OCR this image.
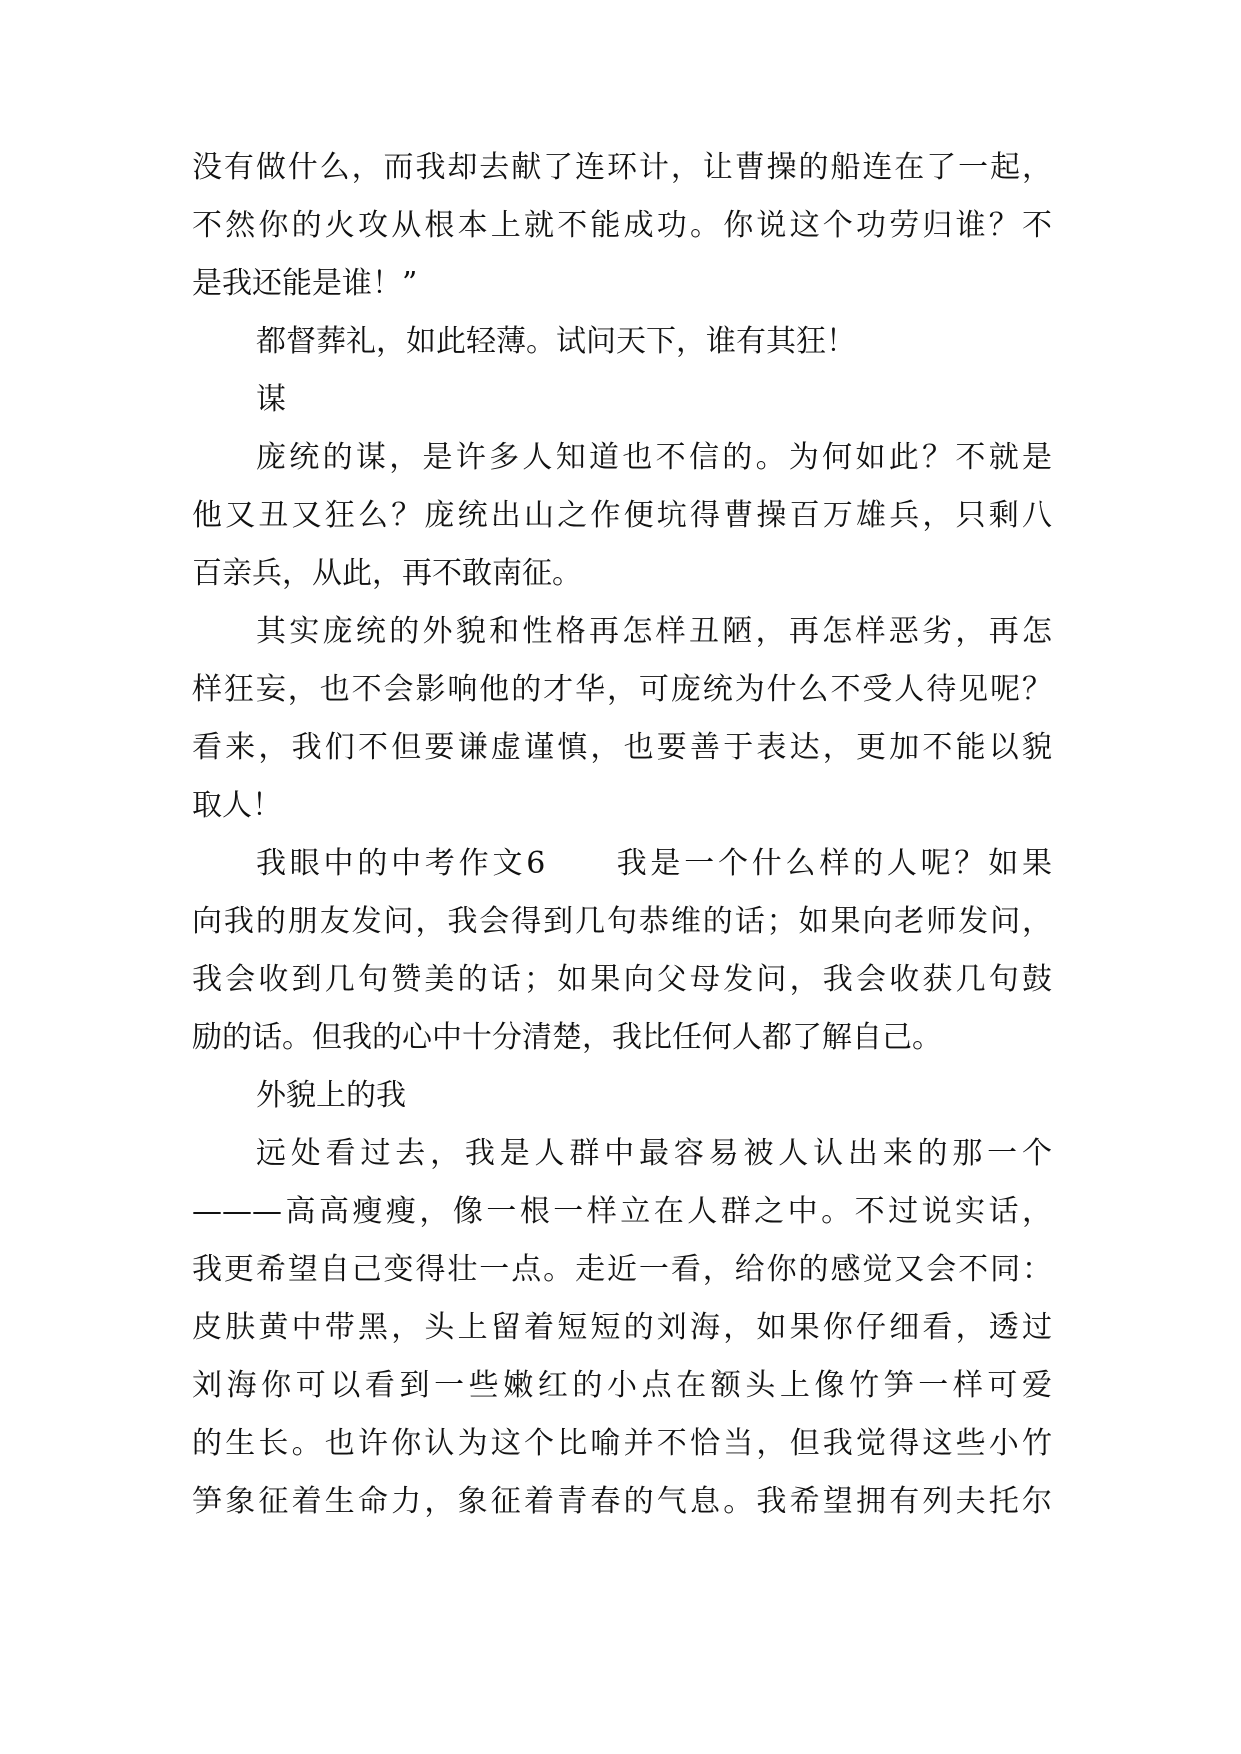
没有做什么，而我却去献了连环计，让曹操的船连在了一起，
不然你的火攻从根本上就不能成功。你说这个功劳归谁？不
是我还能是谁！”
都督葬礼，如此轻薄。试问天下，谁有其狂！
谋
庞统的谋，是许多人知道也不信的。为何如此？不就是
他又丑又狂么？庞统出山之作便坑得曹操百万雄兵，只剩八
百亲兵，从此，再不敢南征。
其实庞统的外貌和性格再怎样丑陋，再怎样恶劣，再怎
样狂妄，也不会影响他的才华，可庞统为什么不受人待见呢？
看来，我们不但要谦虚谨慎，也要善于表达，更加不能以貌
取人！
我眼中的中考作文6　　我是一个什么样的人呢？如果
向我的朋友发问，我会得到几句恭维的话；如果向老师发问，
我会收到几句赞美的话；如果向父母发问，我会收获几句鼓
励的话。但我的心中十分清楚，我比任何人都了解自己。
外貌上的我
远处看过去，我是人群中最容易被人认出来的那一个
———高高瘦瘦，像一根一样立在人群之中。不过说实话，
我更希望自己变得壮一点。走近一看，给你的感觉又会不同：
皮肤黄中带黑，头上留着短短的刘海，如果你仔细看，透过
刘海你可以看到一些嫩红的小点在额头上像竹笋一样可爱
的生长。也许你认为这个比喻并不恰当，但我觉得这些小竹
笋象征着生命力，象征着青春的气息。我希望拥有列夫托尔
